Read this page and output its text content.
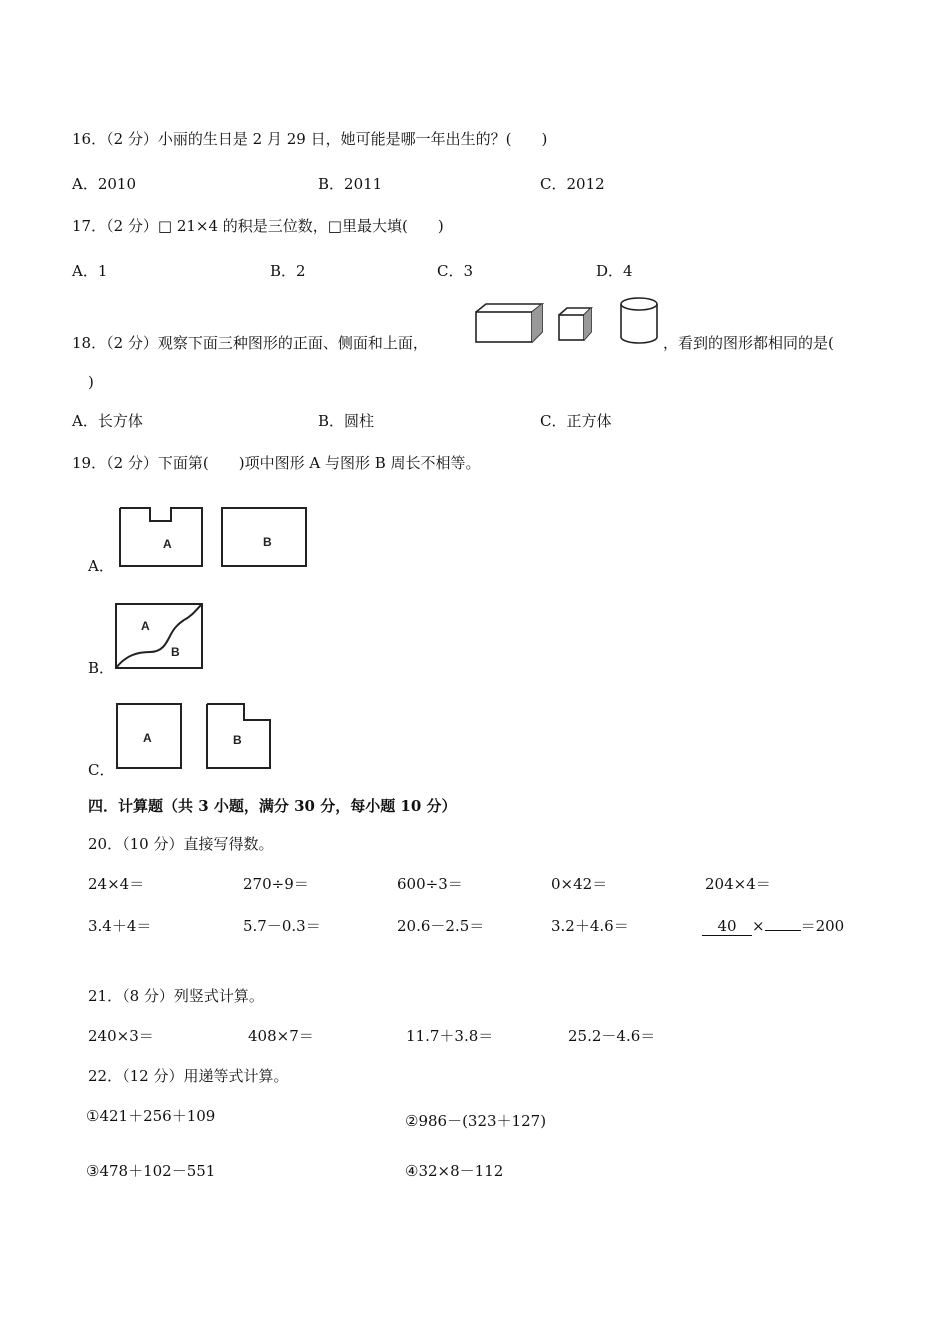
16．（2 分）小丽的生日是 2 月 29 日，她可能是哪一年出生的？(　　)
A．2010	B．2011	C．2012
17．（2 分）□ 21×4 的积是三位数，□里最大填(　　)
A．1	B．2	C．3	D．4
18．（2 分）观察下面三种图形的正面、侧面和上面，	，看到的图形都相同的是(
)
A．长方体	B．圆柱	C．正方体
19．（2 分）下面第(　　)项中图形 A 与图形 B 周长不相等。
A．
A	B
B．
A
B
C．
A	B
四．计算题（共 3 小题，满分 30 分，每小题 10 分）
20．（10 分）直接写得数。
24×4＝	270÷9＝	600÷3＝	0×42＝	204×4＝
3.4＋4＝	5.7－0.3＝	20.6－2.5＝	3.2＋4.6＝	40 × ＝200
21．（8 分）列竖式计算。
240×3＝	408×7＝	11.7＋3.8＝	25.2－4.6＝
22．（12 分）用递等式计算。
①421＋256＋109	②986－(323＋127)
③478＋102－551	④32×8－112
